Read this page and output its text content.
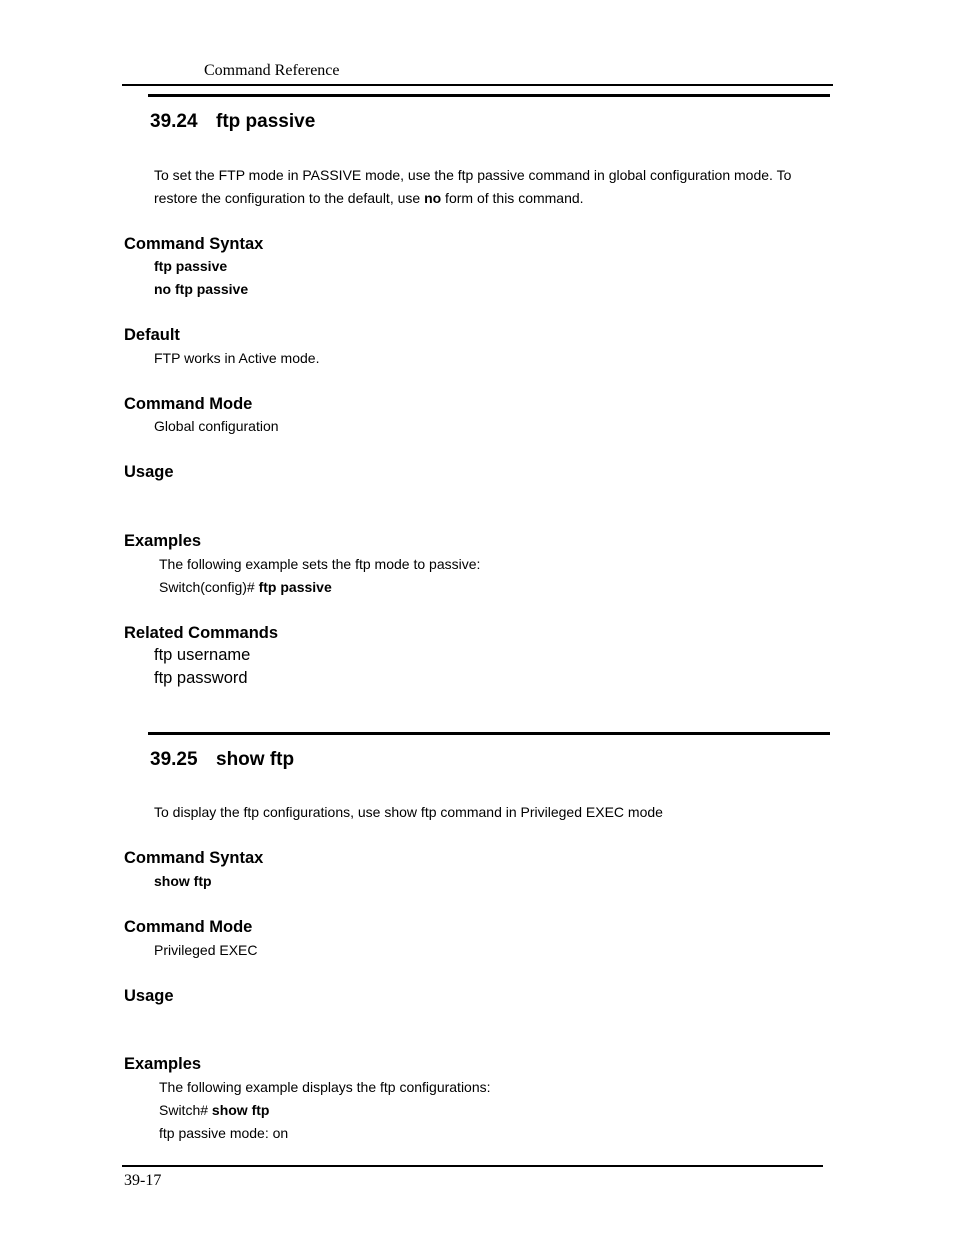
Command Reference
39.24 ftp passive
To set the FTP mode in PASSIVE mode, use the ftp passive command in global configuration mode. To
restore the configuration to the default, use no form of this command.
Command Syntax
ftp passive
no ftp passive
Default
FTP works in Active mode.
Command Mode
Global configuration
Usage
Examples
The following example sets the ftp mode to passive:
Switch(config)# ftp passive
Related Commands
ftp username
ftp password
39.25 show ftp
To display the ftp configurations, use show ftp command in Privileged EXEC mode
Command Syntax
show ftp
Command Mode
Privileged EXEC
Usage
Examples
The following example displays the ftp configurations:
Switch# show ftp
ftp passive mode: on
39-17
